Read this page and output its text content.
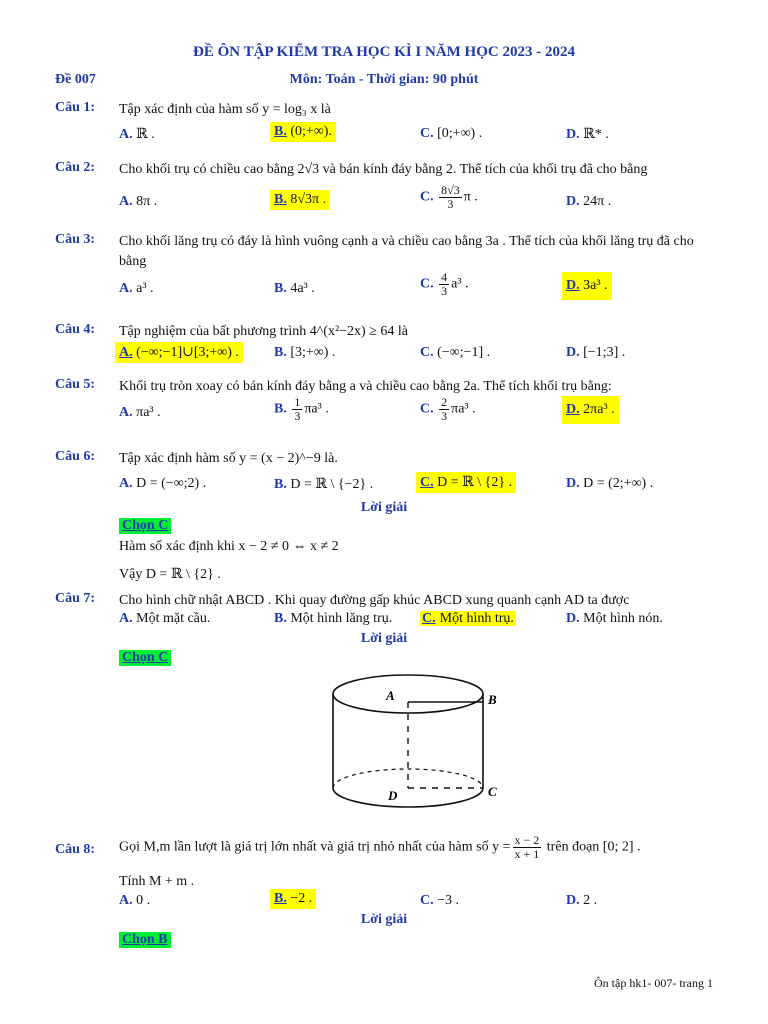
ĐỀ ÔN TẬP KIỂM TRA HỌC KÌ I NĂM HỌC 2023 - 2024
Đề 007	Môn: Toán - Thời gian: 90 phút
Câu 1: Tập xác định của hàm số y = log₃ x là
A. ℝ .	B. (0;+∞).	C. [0;+∞) .	D. ℝ* .
Câu 2: Cho khối trụ có chiều cao bằng 2√3 và bán kính đáy bằng 2. Thể tích của khối trụ đã cho bằng
A. 8π .	B. 8√3π .	C. $\frac{8√3}{3}$ π .	D. 24π .
Câu 3: Cho khối lăng trụ có đáy là hình vuông cạnh a và chiều cao bằng 3a . Thể tích của khối lăng trụ đã cho bằng
A. a³ .	B. 4a³ .	C. $\frac{4}{3} a^3$ .	D. 3a³ .
Câu 4: Tập nghiệm của bất phương trình 4^(x²−2x) ≥ 64 là
A. (−∞;−1]∪[3;+∞) .	B. [3;+∞) .	C. (−∞;−1] .	D. [−1;3] .
Câu 5: Khối trụ tròn xoay có bán kính đáy bằng a và chiều cao bằng 2a. Thể tích khối trụ bằng:
A. πa³ .	B. $\frac{1}{3} \pi a^3$ .	C. $\frac{2}{3} \pi a^3$ .	D. 2πa³ .
Câu 6: Tập xác định hàm số y = (x − 2)^−9 là.
A. D = (−∞;2) .	B. D = ℝ \ {−2} .	C. D = ℝ \ {2} .	D. D = (2;+∞) .
Lời giải
Chọn C
Hàm số xác định khi x − 2 ≠ 0 ⇔ x ≠ 2
Vậy D = ℝ \ {2} .
Câu 7: Cho hình chữ nhật ABCD . Khi quay đường gấp khúc ABCD xung quanh cạnh AD ta được
A. Một mặt cầu.	B. Một hình lăng trụ. C. Một hình trụ.	D. Một hình nón.
Lời giải
Chọn C
A	B
C
D
Câu 8: Gọi M,m lần lượt là giá trị lớn nhất và giá trị nhỏ nhất của hàm số $y = \frac{x - 2}{x + 1}$ trên đoạn [0; 2] .
Tính M + m .
A. 0 .	B. −2 .	C. −3 .	D. 2 .
Lời giải
Chọn B
Ôn tập hk1- 007- trang 1
